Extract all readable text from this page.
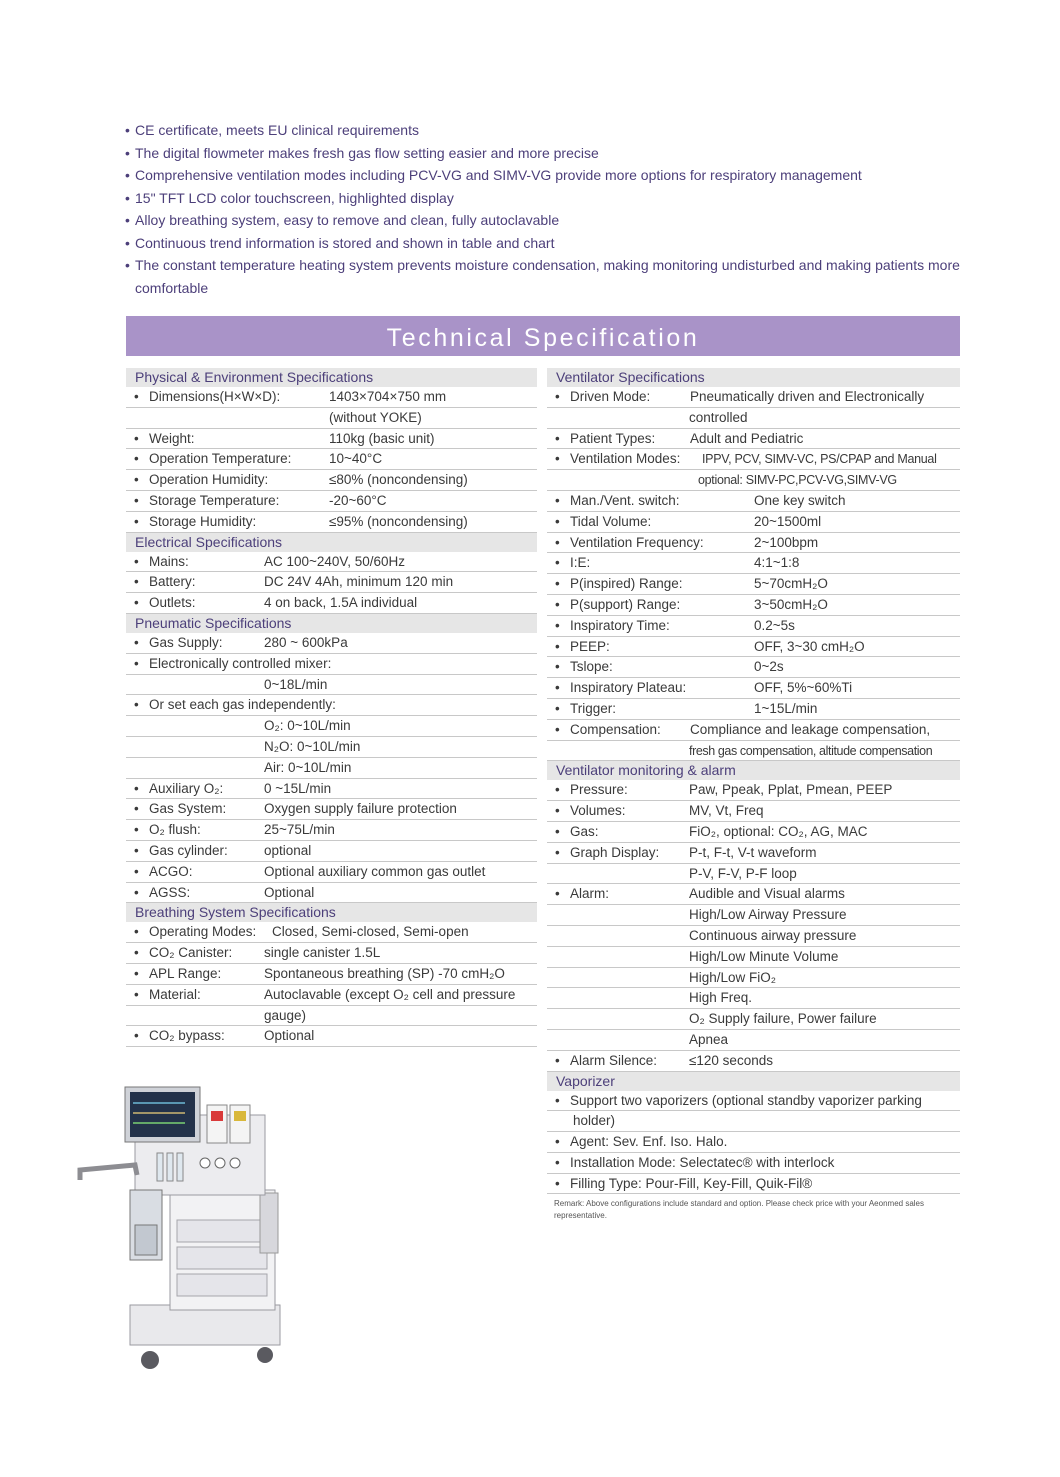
• CE certificate, meets EU clinical requirements
• The digital flowmeter makes fresh gas flow setting easier and more precise
• Comprehensive ventilation modes including PCV-VG and SIMV-VG provide more options for respiratory management
• 15" TFT LCD color touchscreen, highlighted display
• Alloy breathing system, easy to remove and clean, fully autoclavable
• Continuous trend information is stored and shown in table and chart
• The constant temperature heating system prevents moisture condensation, making monitoring undisturbed and making patients more comfortable
Technical Specification
Physical & Environment Specifications
• Dimensions(H×W×D):	1403×704×750 mm
(without YOKE)
• Weight:	110kg (basic unit)
• Operation Temperature:	10~40°C
• Operation Humidity:	≤80% (noncondensing)
• Storage Temperature:	-20~60°C
• Storage Humidity:	≤95% (noncondensing)
Electrical Specifications
• Mains:	AC 100~240V, 50/60Hz
• Battery:	DC 24V 4Ah, minimum 120 min
• Outlets:	4 on back, 1.5A individual
Pneumatic Specifications
• Gas Supply:	280 ~ 600kPa
• Electronically controlled mixer:
0~18L/min
• Or set each gas independently:
O₂: 0~10L/min
N₂O: 0~10L/min
Air: 0~10L/min
• Auxiliary O₂:	0 ~15L/min
• Gas System:	Oxygen supply failure protection
• O₂ flush:	25~75L/min
• Gas cylinder:	optional
• ACGO:	Optional auxiliary common gas outlet
• AGSS:	Optional
Breathing System Specifications
• Operating Modes: Closed, Semi-closed, Semi-open
• CO₂ Canister: single canister 1.5L
• APL Range:	Spontaneous breathing (SP) -70 cmH₂O
• Material:	Autoclavable (except O₂ cell and pressure
gauge)
• CO₂ bypass:	Optional
Ventilator Specifications
• Driven Mode:	Pneumatically driven and Electronically
controlled
• Patient Types:	Adult and Pediatric
• Ventilation Modes: IPPV, PCV, SIMV-VC, PS/CPAP and Manual
optional: SIMV-PC,PCV-VG,SIMV-VG
• Man./Vent. switch:	One key switch
• Tidal Volume:	20~1500ml
• Ventilation Frequency:	2~100bpm
• I:E:	4:1~1:8
• P(inspired) Range:	5~70cmH₂O
• P(support) Range:	3~50cmH₂O
• Inspiratory Time:	0.2~5s
• PEEP:	OFF, 3~30 cmH₂O
• Tslope:	0~2s
• Inspiratory Plateau:	OFF, 5%~60%Ti
• Trigger:	1~15L/min
• Compensation: Compliance and leakage compensation,
fresh gas compensation, altitude compensation
Ventilator monitoring & alarm
• Pressure:	Paw, Ppeak, Pplat, Pmean, PEEP
• Volumes:	MV, Vt, Freq
• Gas:	FiO₂, optional: CO₂, AG, MAC
• Graph Display: P-t, F-t, V-t waveform
P-V, F-V, P-F loop
• Alarm:	Audible and Visual alarms
High/Low Airway Pressure
Continuous airway pressure
High/Low Minute Volume
High/Low FiO₂
High Freq.
O₂ Supply failure, Power failure
Apnea
• Alarm Silence: ≤120 seconds
Vaporizer
• Support two vaporizers (optional standby vaporizer parking
holder)
• Agent: Sev. Enf. Iso. Halo.
• Installation Mode: Selectatec® with interlock
• Filling Type: Pour-Fill, Key-Fill, Quik-Fil®
Remark: Above configurations include standard and option. Please check price with your Aeonmed sales representative.
